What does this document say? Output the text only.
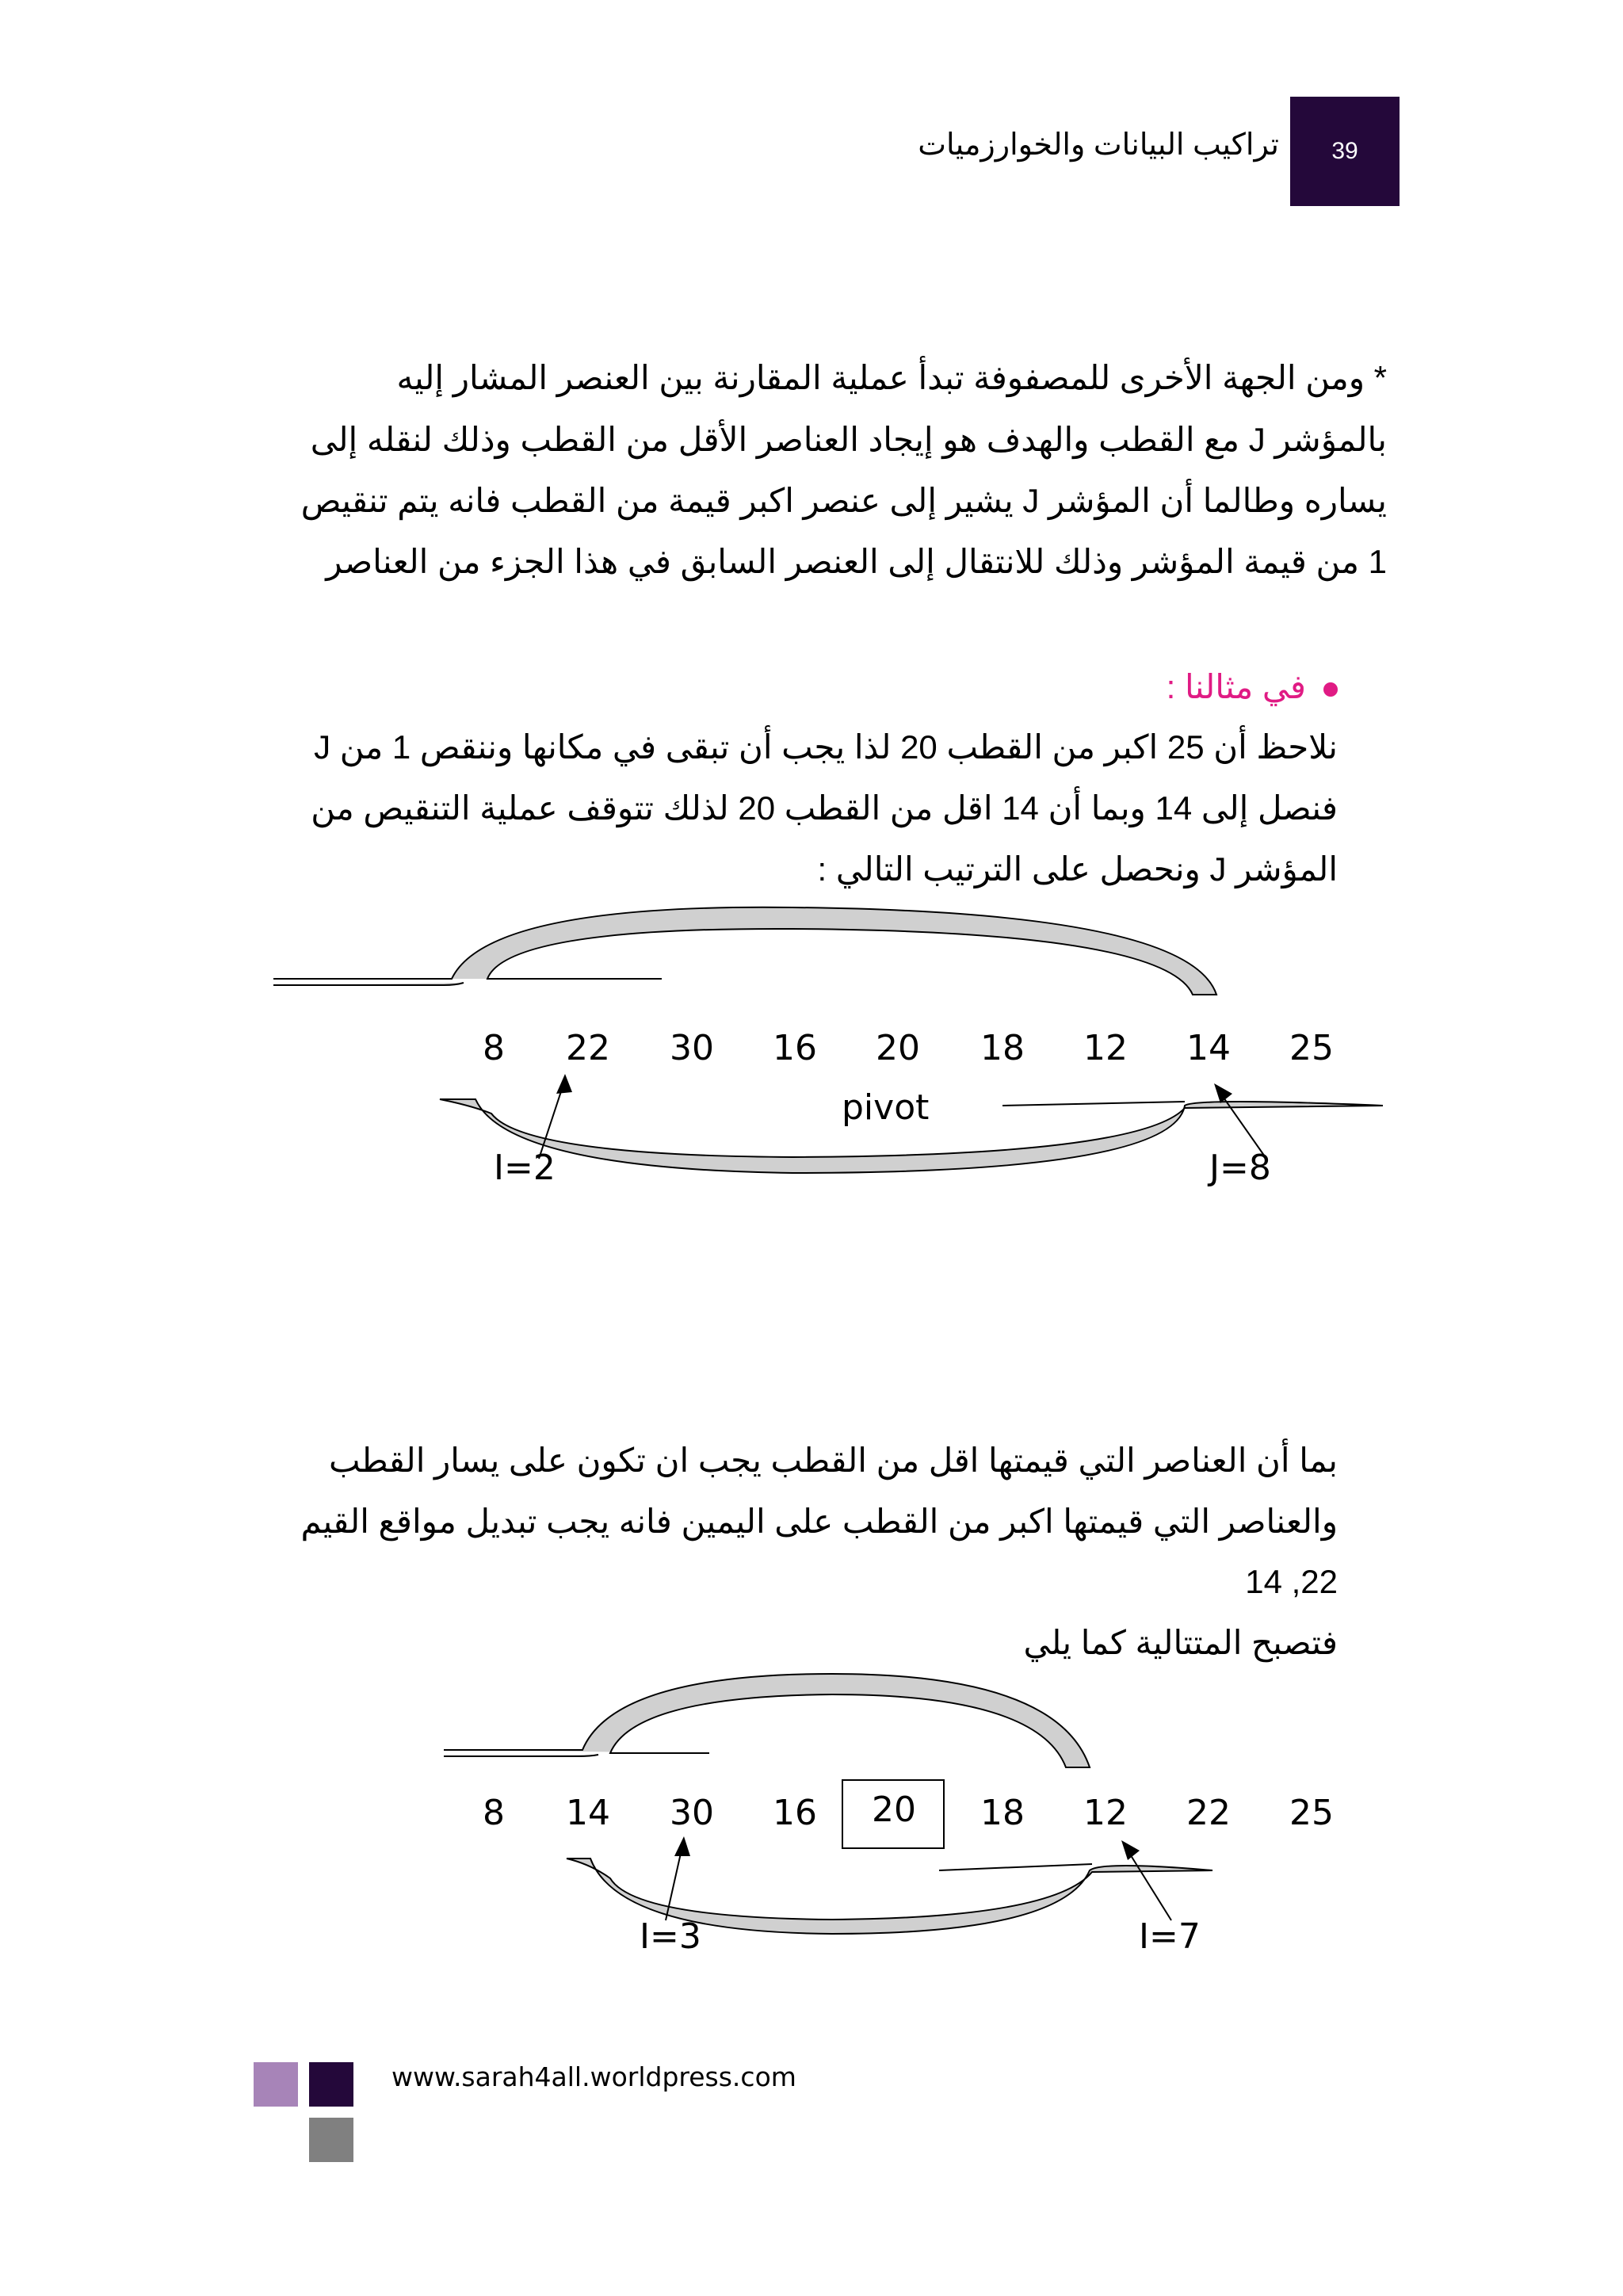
39
تراكيب البيانات والخوارزميات
* ومن الجهة الأخرى للمصفوفة تبدأ عملية المقارنة بين العنصر المشار إليه
بالمؤشر J مع القطب والهدف هو إيجاد العناصر الأقل من القطب وذلك لنقله إلى
يساره وطالما أن المؤشر J يشير إلى عنصر اكبر قيمة من القطب فانه يتم تنقيص
1 من قيمة المؤشر وذلك للانتقال إلى العنصر السابق في هذا الجزء من العناصر
في مثالنا :
نلاحظ أن 25 اكبر من القطب 20 لذا يجب أن تبقى في مكانها وننقص 1 من J
فنصل إلى 14 وبما أن 14 اقل من القطب 20 لذلك تتوقف عملية التنقيص من
المؤشر J ونحصل على الترتيب التالي :
8	22 30 16 20 18 12 14 25
pivot
I=2	J=8
بما أن العناصر التي قيمتها اقل من القطب يجب ان تكون على يسار القطب
والعناصر التي قيمتها اكبر من القطب على اليمين فانه يجب تبديل مواقع القيم
14 ,22
فتصبح المتتالية كما يلي
8	14 30 16 20 18 12 22 25
I=3	I=7
www.sarah4all.worldpress.com
